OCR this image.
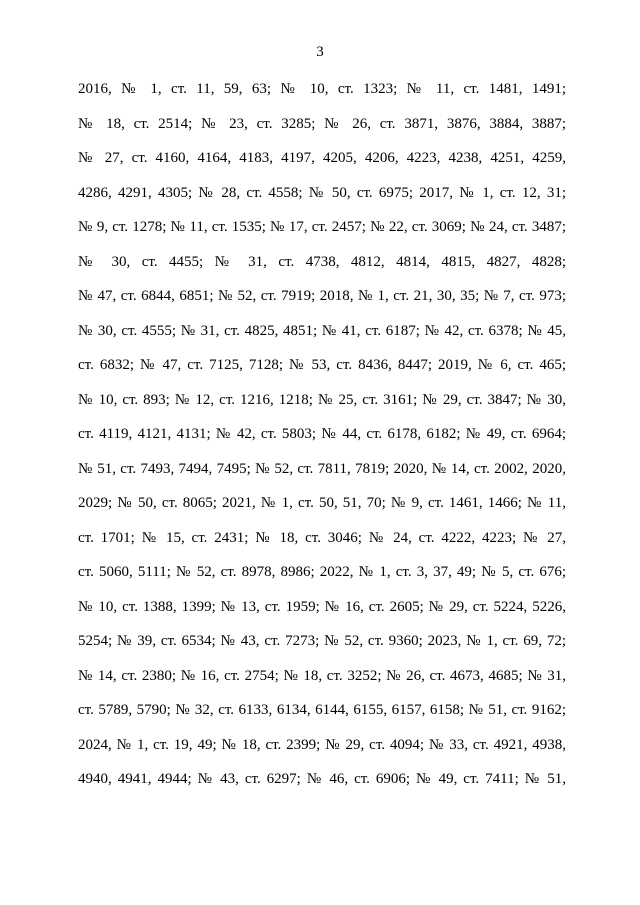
3
2016, № 1, ст. 11, 59, 63; № 10, ст. 1323; № 11, ст. 1481, 1491;
№ 18, ст. 2514; № 23, ст. 3285; № 26, ст. 3871, 3876, 3884, 3887;
№ 27, ст. 4160, 4164, 4183, 4197, 4205, 4206, 4223, 4238, 4251, 4259,
4286, 4291, 4305; № 28, ст. 4558; № 50, ст. 6975; 2017, № 1, ст. 12, 31;
№ 9, ст. 1278; № 11, ст. 1535; № 17, ст. 2457; № 22, ст. 3069; № 24, ст. 3487;
№ 30, ст. 4455; № 31, ст. 4738, 4812, 4814, 4815, 4827, 4828;
№ 47, ст. 6844, 6851; № 52, ст. 7919; 2018, № 1, ст. 21, 30, 35; № 7, ст. 973;
№ 30, ст. 4555; № 31, ст. 4825, 4851; № 41, ст. 6187; № 42, ст. 6378; № 45,
ст. 6832; № 47, ст. 7125, 7128; № 53, ст. 8436, 8447; 2019, № 6, ст. 465;
№ 10, ст. 893; № 12, ст. 1216, 1218; № 25, ст. 3161; № 29, ст. 3847; № 30,
ст. 4119, 4121, 4131; № 42, ст. 5803; № 44, ст. 6178, 6182; № 49, ст. 6964;
№ 51, ст. 7493, 7494, 7495; № 52, ст. 7811, 7819; 2020, № 14, ст. 2002, 2020,
2029; № 50, ст. 8065; 2021, № 1, ст. 50, 51, 70; № 9, ст. 1461, 1466; № 11,
ст. 1701; № 15, ст. 2431; № 18, ст. 3046; № 24, ст. 4222, 4223; № 27,
ст. 5060, 5111; № 52, ст. 8978, 8986; 2022, № 1, ст. 3, 37, 49; № 5, ст. 676;
№ 10, ст. 1388, 1399; № 13, ст. 1959; № 16, ст. 2605; № 29, ст. 5224, 5226,
5254; № 39, ст. 6534; № 43, ст. 7273; № 52, ст. 9360; 2023, № 1, ст. 69, 72;
№ 14, ст. 2380; № 16, ст. 2754; № 18, ст. 3252; № 26, ст. 4673, 4685; № 31,
ст. 5789, 5790; № 32, ст. 6133, 6134, 6144, 6155, 6157, 6158; № 51, ст. 9162;
2024, № 1, ст. 19, 49; № 18, ст. 2399; № 29, ст. 4094; № 33, ст. 4921, 4938,
4940, 4941, 4944; № 43, ст. 6297; № 46, ст. 6906; № 49, ст. 7411; № 51,
